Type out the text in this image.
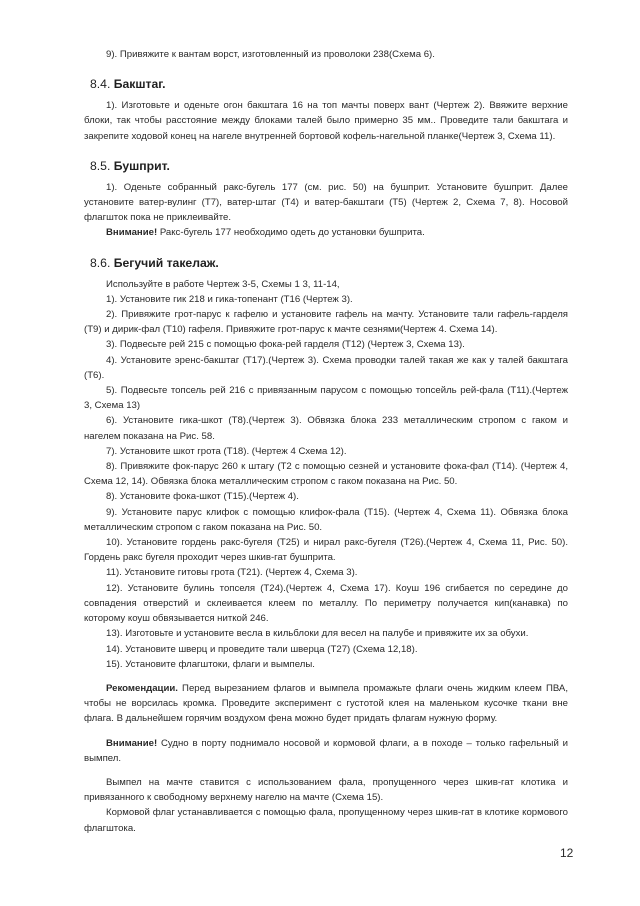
9). Привяжите к вантам ворст, изготовленный из проволоки 238(Схема 6).

8.4. Бакштаг.

1). Изготовьте и оденьте огон бакштага 16 на топ мачты поверх вант (Чертеж 2). Ввяжите верхние блоки, так чтобы расстояние между блоками талей было примерно 35 мм.. Проведите тали бакштага и закрепите ходовой конец на нагеле внутренней бортовой кофель-нагельной планке(Чертеж 3, Схема 11).

8.5. Бушприт.

1). Оденьте собранный ракс-бугель 177 (см. рис. 50) на бушприт. Установите бушприт. Далее установите ватер-вулинг (Т7), ватер-штаг (Т4) и ватер-бакштаги (Т5) (Чертеж 2, Схема 7, 8). Носовой флагшток пока не приклеивайте.

Внимание! Ракс-бугель 177 необходимо одеть до установки бушприта.

8.6. Бегучий такелаж.

Используйте в работе Чертеж 3-5, Схемы 1 3, 11-14,

1). Установите гик 218 и гика-топенант (Т16 (Чертеж 3).

2). Привяжите грот-парус к гафелю и установите гафель на мачту. Установите тали гафель-гарделя (Т9) и дирик-фал (Т10) гафеля. Привяжите грот-парус к мачте сезнями(Чертеж 4. Схема 14).

3). Подвесьте рей 215 с помощью фока-рей гарделя (Т12) (Чертеж 3, Схема 13).

4). Установите эренс-бакштаг (Т17).(Чертеж 3). Схема проводки талей такая же как у талей бакштага (Т6).

5). Подвесьте топсель рей 216 с привязанным парусом с помощью топсейль рей-фала (Т11).(Чертеж 3, Схема 13)

6). Установите гика-шкот (Т8).(Чертеж 3). Обвязка блока 233 металлическим стропом с гаком и нагелем показана на Рис. 58.

7). Установите шкот грота (Т18). (Чертеж 4 Схема 12).

8). Привяжите фок-парус 260 к штагу (Т2 с помощью сезней и установите фока-фал (Т14). (Чертеж 4, Схема 12, 14). Обвязка блока металлическим стропом с гаком показана на Рис. 50.

8). Установите фока-шкот (Т15).(Чертеж 4).

9). Установите парус клифок с помощью клифок-фала (Т15). (Чертеж 4, Схема 11). Обвязка блока металлическим стропом с гаком показана на Рис. 50.

10). Установите гордень ракс-бугеля (Т25) и нирал ракс-бугеля (Т26).(Чертеж 4, Схема 11, Рис. 50). Гордень ракс бугеля проходит через шкив-гат бушприта.

11). Установите гитовы грота (Т21). (Чертеж 4, Схема 3).

12). Установите булинь топселя (Т24).(Чертеж 4, Схема 17). Коуш 196 сгибается по середине до совпадения отверстий и склеивается клеем по металлу. По периметру получается кип(канавка) по которому коуш обвязывается ниткой 246.

13). Изготовьте и установите весла в кильблоки для весел на палубе и привяжите их за обухи.

14). Установите шверц и проведите тали шверца (Т27) (Схема 12,18).

15). Установите флагштоки, флаги и вымпелы.

Рекомендации. Перед вырезанием флагов и вымпела промажьте флаги очень жидким клеем ПВА, чтобы не ворсилась кромка. Проведите эксперимент с густотой клея на маленьком кусочке ткани вне флага. В дальнейшем горячим воздухом фена можно будет придать флагам нужную форму.

Внимание! Судно в порту поднимало носовой и кормовой флаги, а в походе – только гафельный и вымпел.

Вымпел на мачте ставится с использованием фала, пропущенного через шкив-гат клотика и привязанного к свободному верхнему нагелю на мачте (Схема 15).

Кормовой флаг устанавливается с помощью фала, пропущенному через шкив-гат в клотике кормового флагштока.

12
